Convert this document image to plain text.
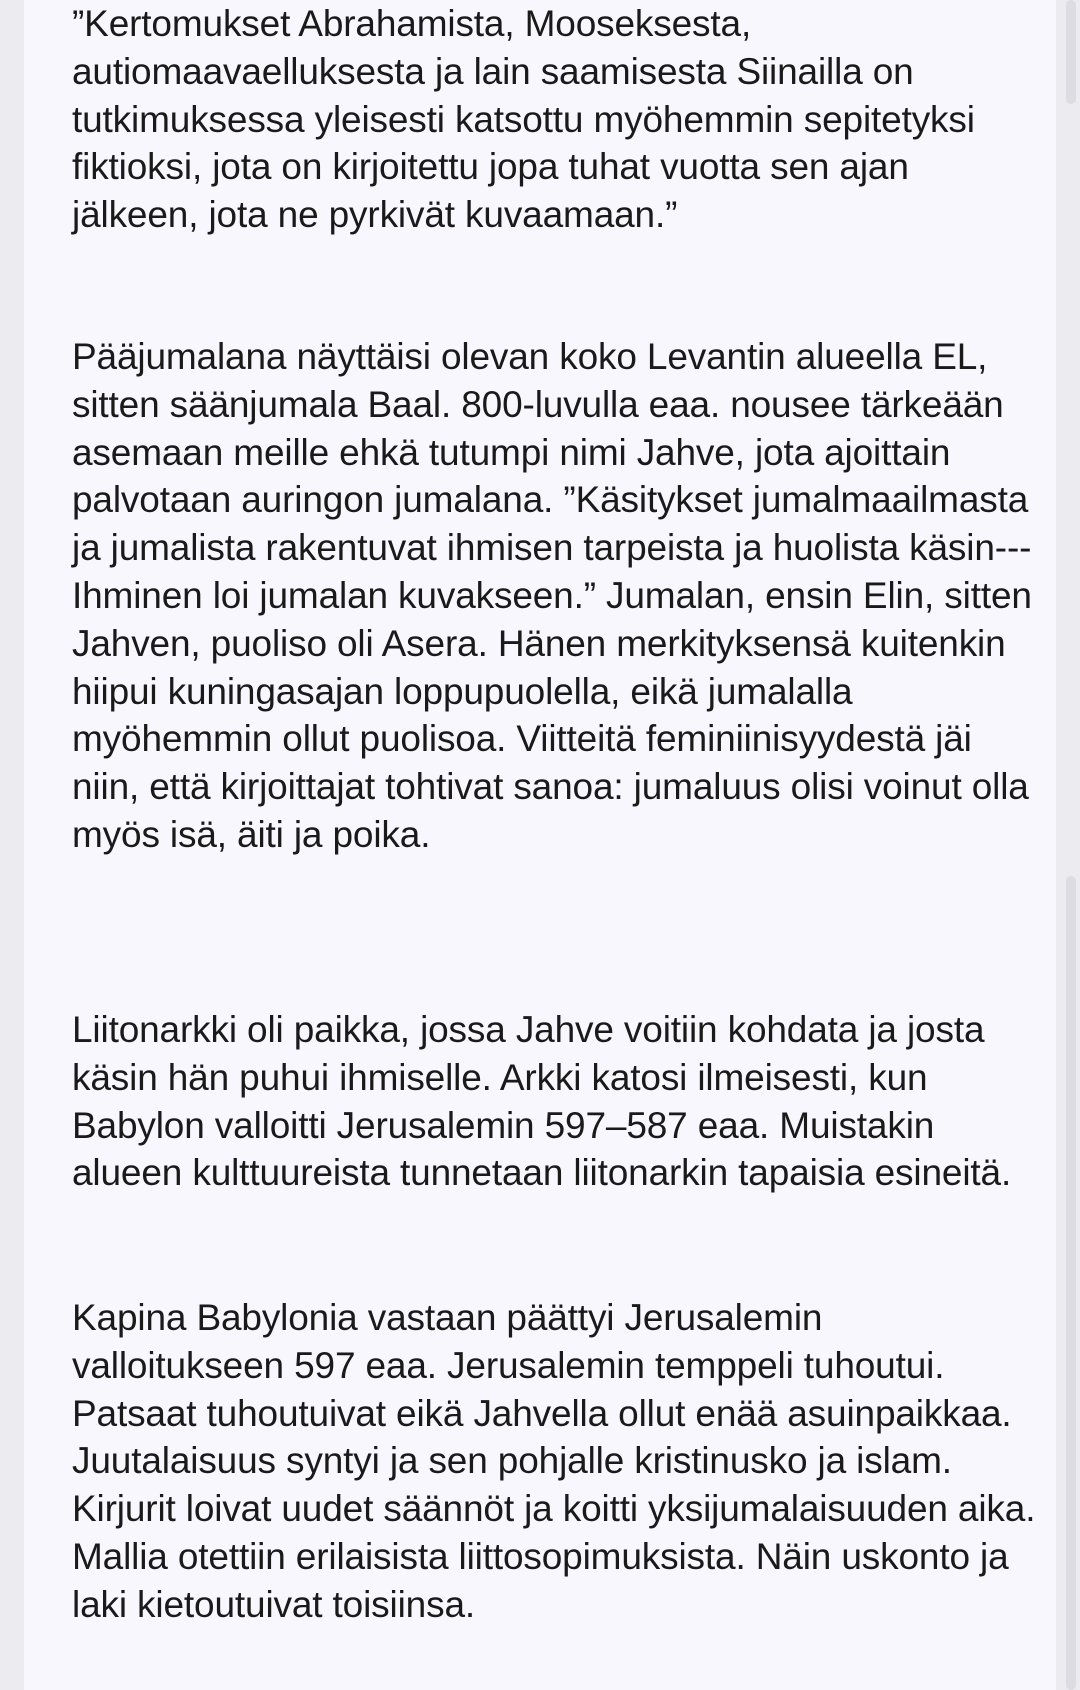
”Kertomukset Abrahamista, Mooseksesta, autiomaavaelluksesta ja lain saamisesta Siinailla on tutkimuksessa yleisesti katsottu myöhemmin sepitetyksi fiktioksi, jota on kirjoitettu jopa tuhat vuotta sen ajan jälkeen, jota ne pyrkivät kuvaamaan.”

Pääjumalana näyttäisi olevan koko Levantin alueella EL, sitten säänjumala Baal. 800-luvulla eaa. nousee tärkeään asemaan meille ehkä tutumpi nimi Jahve, jota ajoittain palvotaan auringon jumalana. ”Käsitykset jumalmaailmasta ja jumalista rakentuvat ihmisen tarpeista ja huolista käsin---Ihminen loi jumalan kuvakseen.” Jumalan, ensin Elin, sitten Jahven, puoliso oli Asera. Hänen merkityksensä kuitenkin hiipui kuningasajan loppupuolella, eikä jumalalla myöhemmin ollut puolisoa. Viitteitä feminiinisyydestä jäi niin, että kirjoittajat tohtivat sanoa: jumaluus olisi voinut olla myös isä, äiti ja poika.

Liitonarkki oli paikka, jossa Jahve voitiin kohdata ja josta käsin hän puhui ihmiselle. Arkki katosi ilmeisesti, kun Babylon valloitti Jerusalemin 597–587 eaa. Muistakin alueen kulttuureista tunnetaan liitonarkin tapaisia esineitä.

Kapina Babylonia vastaan päättyi Jerusalemin valloitukseen 597 eaa. Jerusalemin temppeli tuhoutui. Patsaat tuhoutuivat eikä Jahvella ollut enää asuinpaikkaa. Juutalaisuus syntyi ja sen pohjalle kristinusko ja islam. Kirjurit loivat uudet säännöt ja koitti yksijumalaisuuden aika. Mallia otettiin erilaisista liittosopimuksista. Näin uskonto ja laki kietoutuivat toisiinsa.
